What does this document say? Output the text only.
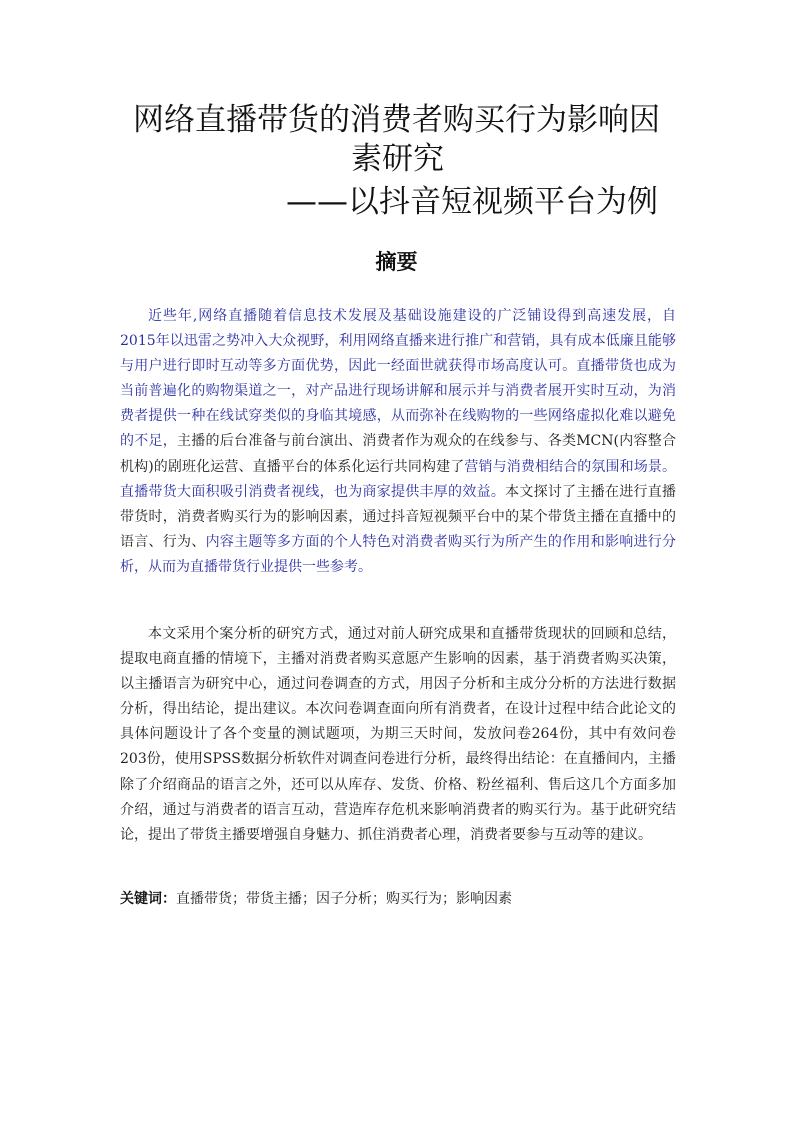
网络直播带货的消费者购买行为影响因
素研究
——以抖音短视频平台为例
摘要

近些年,网络直播随着信息技术发展及基础设施建设的广泛铺设得到高速发展，自2015年以迅雷之势冲入大众视野，利用网络直播来进行推广和营销，具有成本低廉且能够与用户进行即时互动等多方面优势，因此一经面世就获得市场高度认可。直播带货也成为当前普遍化的购物渠道之一，对产品进行现场讲解和展示并与消费者展开实时互动，为消费者提供一种在线试穿类似的身临其境感，从而弥补在线购物的一些网络虚拟化难以避免的不足，主播的后台准备与前台演出、消费者作为观众的在线参与、各类MCN(内容整合机构)的剧班化运营、直播平台的体系化运行共同构建了营销与消费相结合的氛围和场景。直播带货大面积吸引消费者视线，也为商家提供丰厚的效益。本文探讨了主播在进行直播带货时，消费者购买行为的影响因素，通过抖音短视频平台中的某个带货主播在直播中的语言、行为、内容主题等多方面的个人特色对消费者购买行为所产生的作用和影响进行分析，从而为直播带货行业提供一些参考。

本文采用个案分析的研究方式，通过对前人研究成果和直播带货现状的回顾和总结，提取电商直播的情境下，主播对消费者购买意愿产生影响的因素，基于消费者购买决策，以主播语言为研究中心，通过问卷调查的方式，用因子分析和主成分分析的方法进行数据分析，得出结论，提出建议。本次问卷调查面向所有消费者，在设计过程中结合此论文的具体问题设计了各个变量的测试题项，为期三天时间，发放问卷264份，其中有效问卷203份，使用SPSS数据分析软件对调查问卷进行分析，最终得出结论：在直播间内，主播除了介绍商品的语言之外，还可以从库存、发货、价格、粉丝福利、售后这几个方面多加介绍，通过与消费者的语言互动，营造库存危机来影响消费者的购买行为。基于此研究结论，提出了带货主播要增强自身魅力、抓住消费者心理，消费者要参与互动等的建议。

关键词：直播带货；带货主播；因子分析；购买行为；影响因素
